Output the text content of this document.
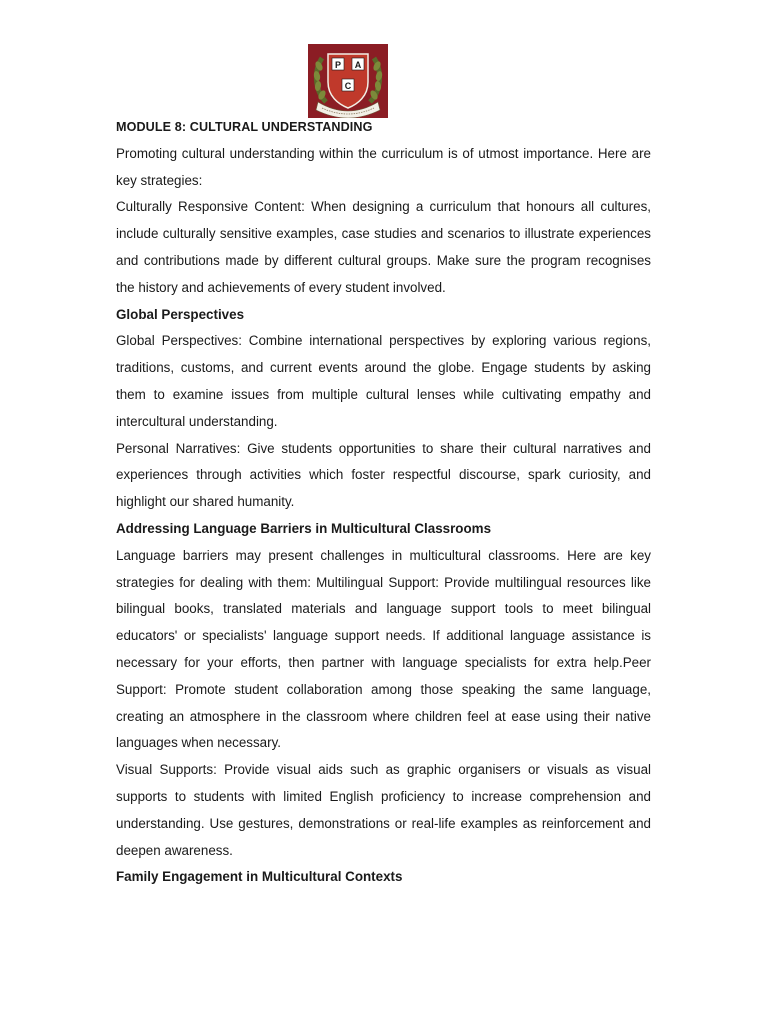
P A
C

MODULE 8: CULTURAL UNDERSTANDING

Promoting cultural understanding within the curriculum is of utmost importance. Here are key strategies:

Culturally Responsive Content: When designing a curriculum that honours all cultures, include culturally sensitive examples, case studies and scenarios to illustrate experiences and contributions made by different cultural groups. Make sure the program recognises the history and achievements of every student involved.

Global Perspectives

Global Perspectives: Combine international perspectives by exploring various regions, traditions, customs, and current events around the globe. Engage students by asking them to examine issues from multiple cultural lenses while cultivating empathy and intercultural understanding.

Personal Narratives: Give students opportunities to share their cultural narratives and experiences through activities which foster respectful discourse, spark curiosity, and highlight our shared humanity.

Addressing Language Barriers in Multicultural Classrooms

Language barriers may present challenges in multicultural classrooms. Here are key strategies for dealing with them: Multilingual Support: Provide multilingual resources like bilingual books, translated materials and language support tools to meet bilingual educators' or specialists' language support needs. If additional language assistance is necessary for your efforts, then partner with language specialists for extra help.Peer Support: Promote student collaboration among those speaking the same language, creating an atmosphere in the classroom where children feel at ease using their native languages when necessary.

Visual Supports: Provide visual aids such as graphic organisers or visuals as visual supports to students with limited English proficiency to increase comprehension and understanding. Use gestures, demonstrations or real-life examples as reinforcement and deepen awareness.

Family Engagement in Multicultural Contexts
